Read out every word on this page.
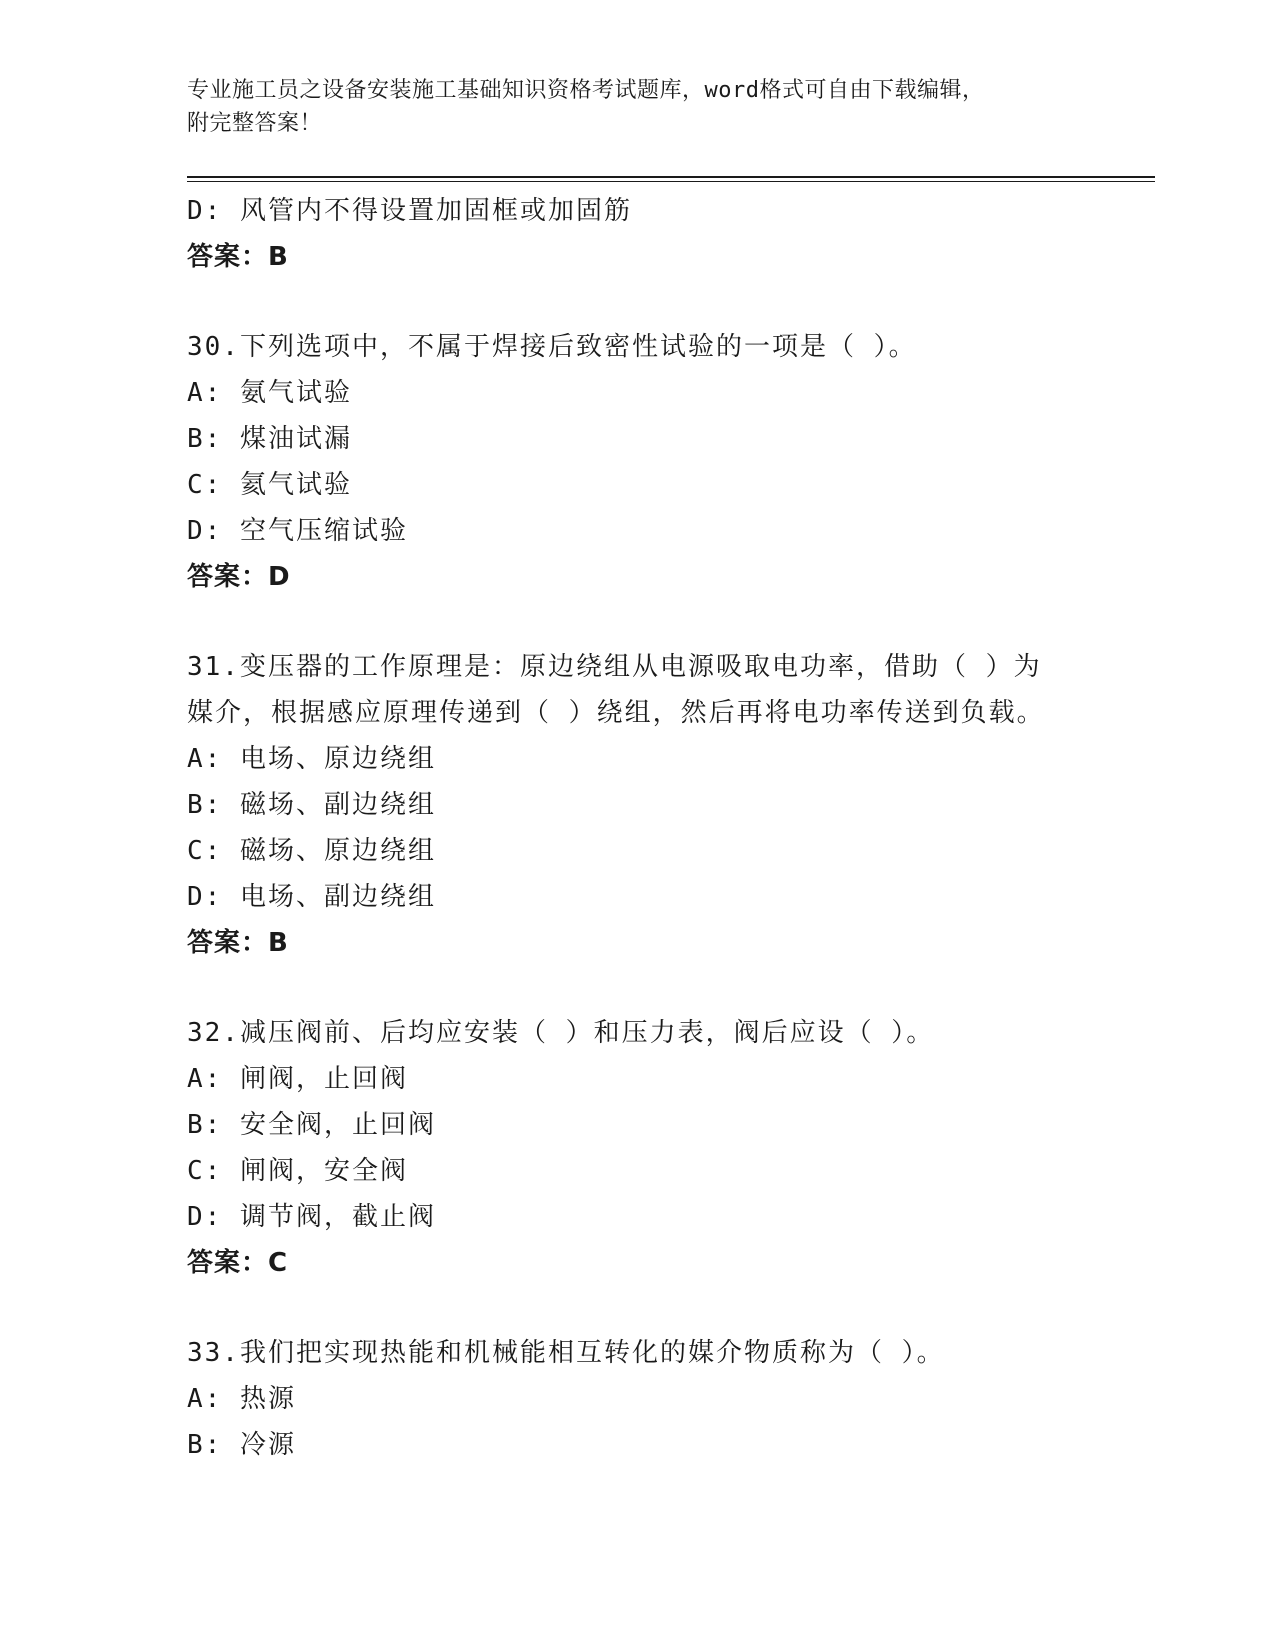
专业施工员之设备安装施工基础知识资格考试题库，word格式可自由下载编辑，
附完整答案！
D: 风管内不得设置加固框或加固筋
答案：B
30.下列选项中，不属于焊接后致密性试验的一项是（ ）。
A: 氨气试验
B: 煤油试漏
C: 氦气试验
D: 空气压缩试验
答案：D
31.变压器的工作原理是：原边绕组从电源吸取电功率，借助（ ）为
媒介，根据感应原理传递到（ ）绕组，然后再将电功率传送到负载。
A: 电场、原边绕组
B: 磁场、副边绕组
C: 磁场、原边绕组
D: 电场、副边绕组
答案：B
32.减压阀前、后均应安装（ ）和压力表，阀后应设（ ）。
A: 闸阀，止回阀
B: 安全阀，止回阀
C: 闸阀，安全阀
D: 调节阀，截止阀
答案：C
33.我们把实现热能和机械能相互转化的媒介物质称为（ ）。
A: 热源
B: 冷源
